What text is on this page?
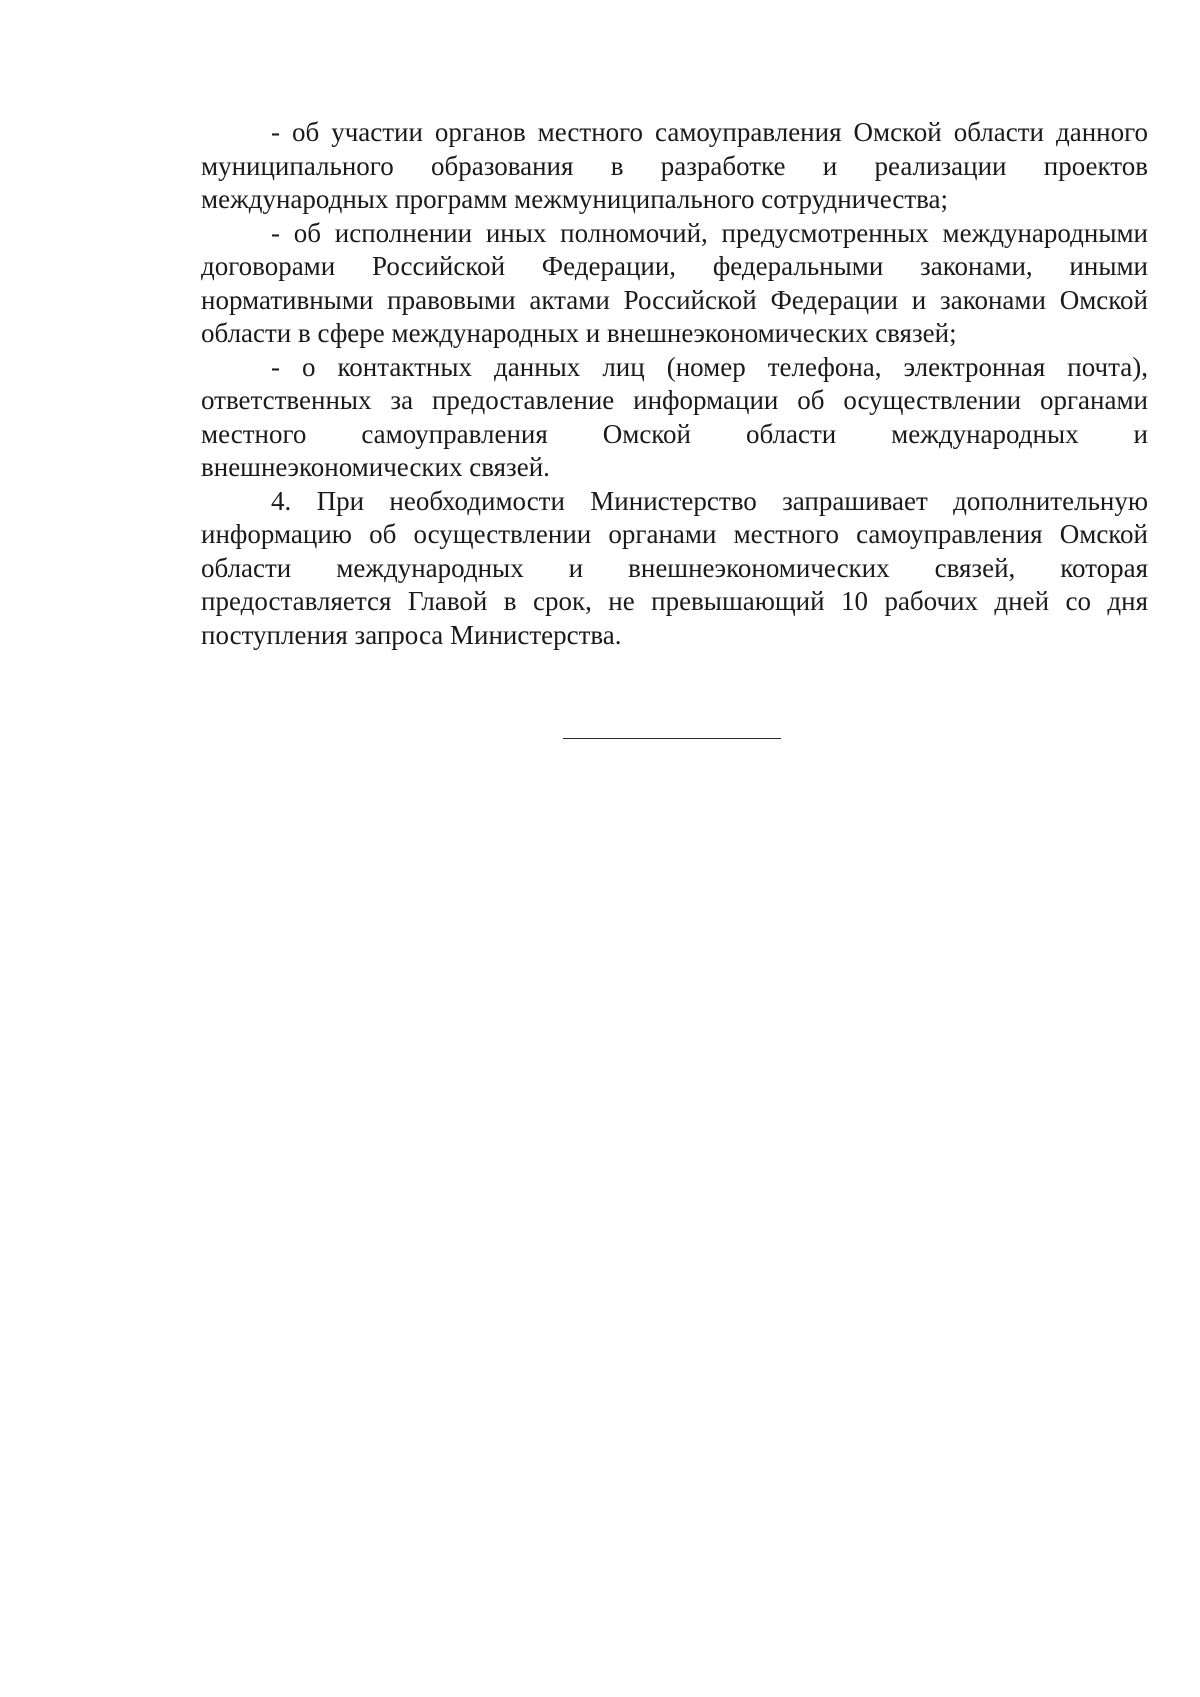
- об участии органов местного самоуправления Омской области данного муниципального образования в разработке и реализации проектов международных программ межмуниципального сотрудничества;

- об исполнении иных полномочий, предусмотренных международными договорами Российской Федерации, федеральными законами, иными нормативными правовыми актами Российской Федерации и законами Омской области в сфере международных и внешнеэкономических связей;

- о контактных данных лиц (номер телефона, электронная почта), ответственных за предоставление информации об осуществлении органами местного самоуправления Омской области международных и внешнеэкономических связей.

4. При необходимости Министерство запрашивает дополнительную информацию об осуществлении органами местного самоуправления Омской области международных и внешнеэкономических связей, которая предоставляется Главой в срок, не превышающий 10 рабочих дней со дня поступления запроса Министерства.
